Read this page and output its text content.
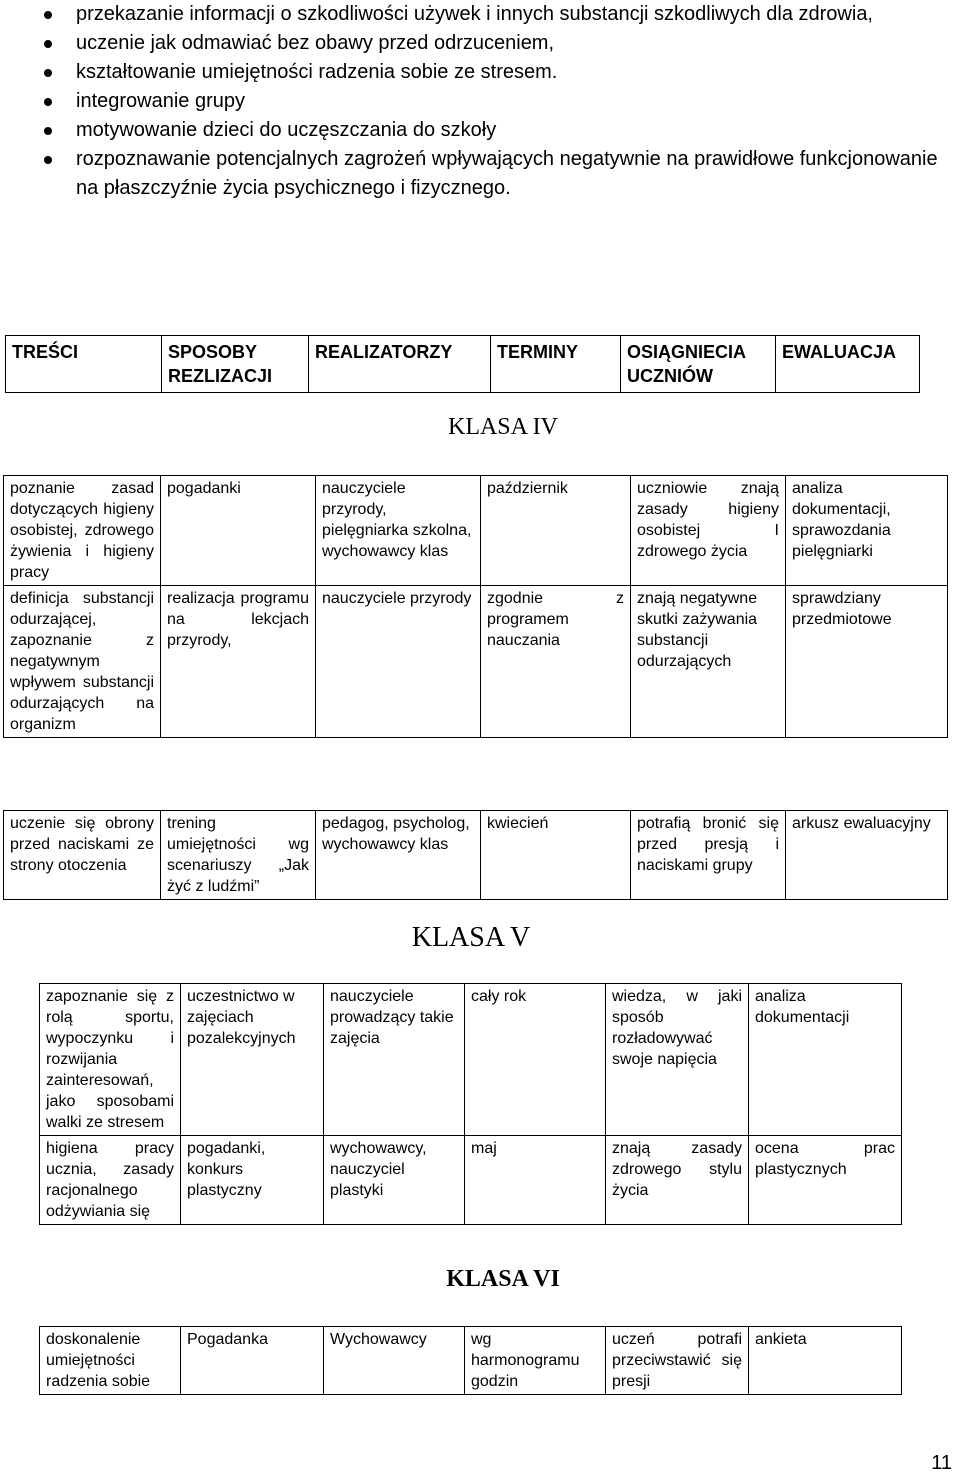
przekazanie informacji o szkodliwości używek i innych substancji szkodliwych dla zdrowia,
uczenie jak odmawiać bez obawy przed odrzuceniem,
kształtowanie umiejętności radzenia sobie ze stresem.
integrowanie grupy
motywowanie dzieci do uczęszczania do szkoły
rozpoznawanie potencjalnych zagrożeń wpływających negatywnie na prawidłowe funkcjonowanie na płaszczyźnie życia psychicznego i fizycznego.
TREŚCI	SPOSOBY REZLIZACJI	REALIZATORZY	TERMINY	OSIĄGNIECIA UCZNIÓW	EWALUACJA
KLASA IV
poznanie zasad dotyczących higieny osobistej, zdrowego żywienia i higieny pracy	pogadanki	nauczyciele przyrody, pielęgniarka szkolna, wychowawcy klas	październik	uczniowie znają zasady higieny osobistej I zdrowego życia	analiza dokumentacji, sprawozdania pielęgniarki
definicja substancji odurzającej, zapoznanie z negatywnym wpływem substancji odurzających na organizm	realizacja programu na lekcjach przyrody,	nauczyciele przyrody	zgodnie z programem nauczania	znają negatywne skutki zażywania substancji odurzających	sprawdziany przedmiotowe
uczenie się obrony przed naciskami ze strony otoczenia	trening umiejętności wg scenariuszy „Jak żyć z ludźmi”	pedagog, psycholog, wychowawcy klas	kwiecień	potrafią bronić się przed presją i naciskami grupy	arkusz ewaluacyjny
KLASA V
zapoznanie się z rolą sportu, wypoczynku i rozwijania zainteresowań, jako sposobami walki ze stresem	uczestnictwo w zajęciach pozalekcyjnych	nauczyciele prowadzący takie zajęcia	cały rok	wiedza, w jaki sposób rozładowywać swoje napięcia	analiza dokumentacji
higiena pracy ucznia, zasady racjonalnego odżywiania się	pogadanki, konkurs plastyczny	wychowawcy, nauczyciel plastyki	maj	znają zasady zdrowego stylu życia	ocena prac plastycznych
KLASA VI
doskonalenie umiejętności radzenia sobie	Pogadanka	Wychowawcy	wg harmonogramu godzin	uczeń potrafi przeciwstawić się presji	ankieta
11
